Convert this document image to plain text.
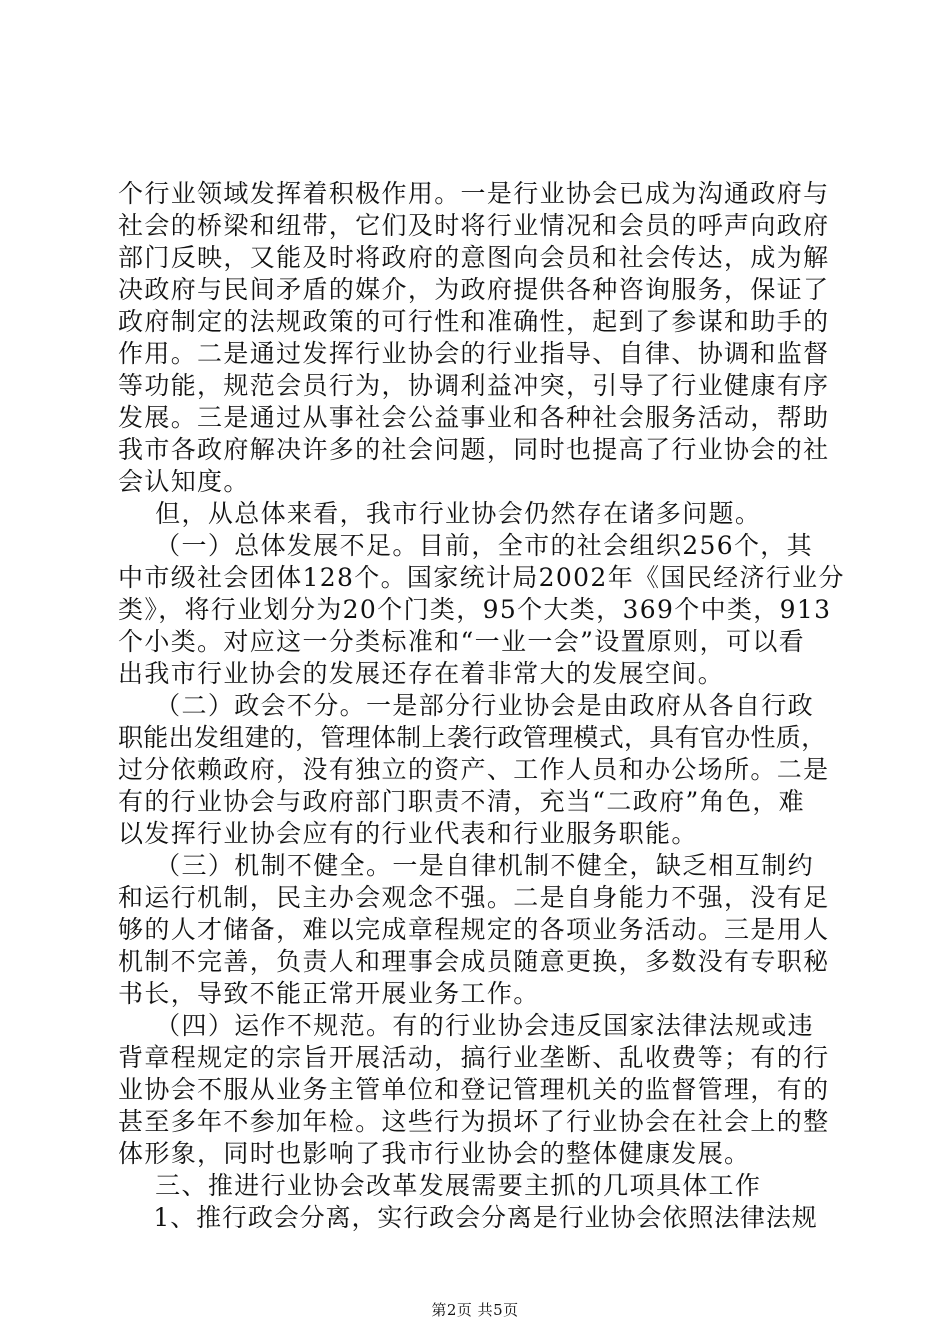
个行业领域发挥着积极作用。一是行业协会已成为沟通政府与
社会的桥梁和纽带，它们及时将行业情况和会员的呼声向政府
部门反映，又能及时将政府的意图向会员和社会传达，成为解
决政府与民间矛盾的媒介，为政府提供各种咨询服务，保证了
政府制定的法规政策的可行性和准确性，起到了参谋和助手的
作用。二是通过发挥行业协会的行业指导、自律、协调和监督
等功能，规范会员行为，协调利益冲突，引导了行业健康有序
发展。三是通过从事社会公益事业和各种社会服务活动，帮助
我市各政府解决许多的社会问题，同时也提高了行业协会的社
会认知度。
但，从总体来看，我市行业协会仍然存在诸多问题。
（一）总体发展不足。目前，全市的社会组织256个，其
中市级社会团体128个。国家统计局2002年《国民经济行业分
类》，将行业划分为20个门类，95个大类，369个中类，913
个小类。对应这一分类标准和“一业一会”设置原则，可以看
出我市行业协会的发展还存在着非常大的发展空间。
（二）政会不分。一是部分行业协会是由政府从各自行政
职能出发组建的，管理体制上袭行政管理模式，具有官办性质，
过分依赖政府，没有独立的资产、工作人员和办公场所。二是
有的行业协会与政府部门职责不清，充当“二政府”角色，难
以发挥行业协会应有的行业代表和行业服务职能。
（三）机制不健全。一是自律机制不健全，缺乏相互制约
和运行机制，民主办会观念不强。二是自身能力不强，没有足
够的人才储备，难以完成章程规定的各项业务活动。三是用人
机制不完善，负责人和理事会成员随意更换，多数没有专职秘
书长，导致不能正常开展业务工作。
（四）运作不规范。有的行业协会违反国家法律法规或违
背章程规定的宗旨开展活动，搞行业垄断、乱收费等；有的行
业协会不服从业务主管单位和登记管理机关的监督管理，有的
甚至多年不参加年检。这些行为损坏了行业协会在社会上的整
体形象，同时也影响了我市行业协会的整体健康发展。
三、推进行业协会改革发展需要主抓的几项具体工作
1、推行政会分离，实行政会分离是行业协会依照法律法规
第2页 共5页
